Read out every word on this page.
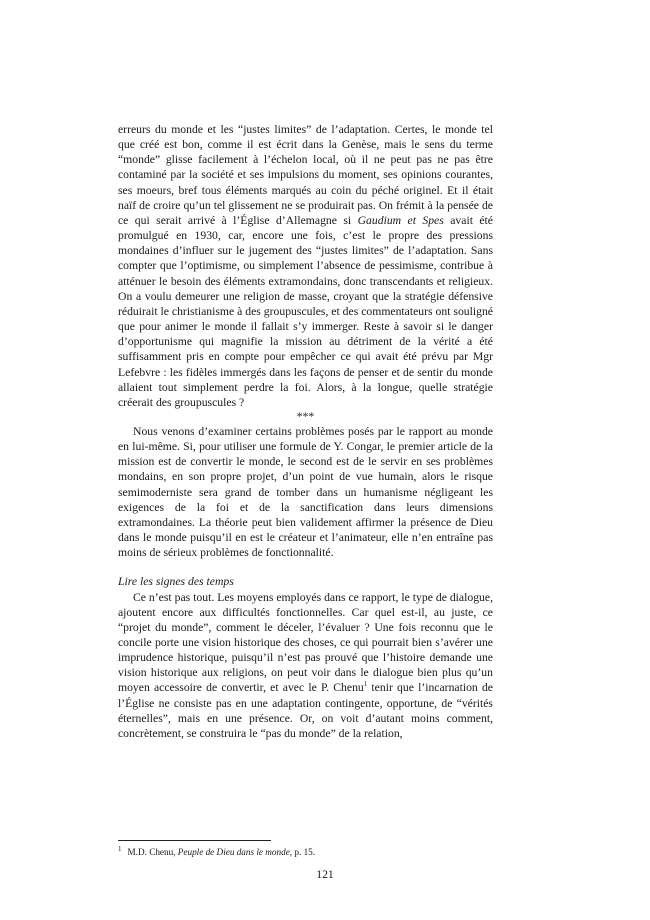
erreurs du monde et les “justes limites” de l’adaptation. Certes, le monde tel que créé est bon, comme il est écrit dans la Genèse, mais le sens du terme “monde” glisse facilement à l’échelon local, où il ne peut pas ne pas être contaminé par la société et ses impulsions du moment, ses opinions courantes, ses moeurs, bref tous éléments marqués au coin du péché originel. Et il était naïf de croire qu’un tel glissement ne se produirait pas. On frémit à la pensée de ce qui serait arrivé à l’Église d’Allemagne si Gaudium et Spes avait été promulgué en 1930, car, encore une fois, c’est le propre des pressions mondaines d’influer sur le jugement des “justes limites” de l’adaptation. Sans compter que l’optimisme, ou simplement l’absence de pessimisme, contribue à atténuer le besoin des éléments extramondains, donc transcendants et religieux. On a voulu demeurer une religion de masse, croyant que la stratégie défensive réduirait le christianisme à des groupuscules, et des commentateurs ont souligné que pour animer le monde il fallait s’y immerger. Reste à savoir si le danger d’opportunisme qui magnifie la mission au détriment de la vérité a été suffisamment pris en compte pour empêcher ce qui avait été prévu par Mgr Lefebvre : les fidèles immergés dans les façons de penser et de sentir du monde allaient tout simplement perdre la foi. Alors, à la longue, quelle stratégie créerait des groupuscules ?

***

Nous venons d’examiner certains problèmes posés par le rapport au monde en lui-même. Si, pour utiliser une formule de Y. Congar, le premier article de la mission est de convertir le monde, le second est de le servir en ses problèmes mondains, en son propre projet, d’un point de vue humain, alors le risque semimoderniste sera grand de tomber dans un humanisme négligeant les exigences de la foi et de la sanctification dans leurs dimensions extramondaines. La théorie peut bien validement affirmer la présence de Dieu dans le monde puisqu’il en est le créateur et l’animateur, elle n’en entraîne pas moins de sérieux problèmes de fonctionnalité.

Lire les signes des temps

Ce n’est pas tout. Les moyens employés dans ce rapport, le type de dialogue, ajoutent encore aux difficultés fonctionnelles. Car quel est-il, au juste, ce “projet du monde”, comment le déceler, l’évaluer ? Une fois reconnu que le concile porte une vision historique des choses, ce qui pourrait bien s’avérer une imprudence historique, puisqu’il n’est pas prouvé que l’histoire demande une vision historique aux religions, on peut voir dans le dialogue bien plus qu’un moyen accessoire de convertir, et avec le P. Chenu$^1$ tenir que l’incarnation de l’Église ne consiste pas en une adaptation contingente, opportune, de “vérités éternelles”, mais en une présence. Or, on voit d’autant moins comment, concrètement, se construira le “pas du monde” de la relation,

$^1$ M.D. Chenu, Peuple de Dieu dans le monde, p. 15.
121
